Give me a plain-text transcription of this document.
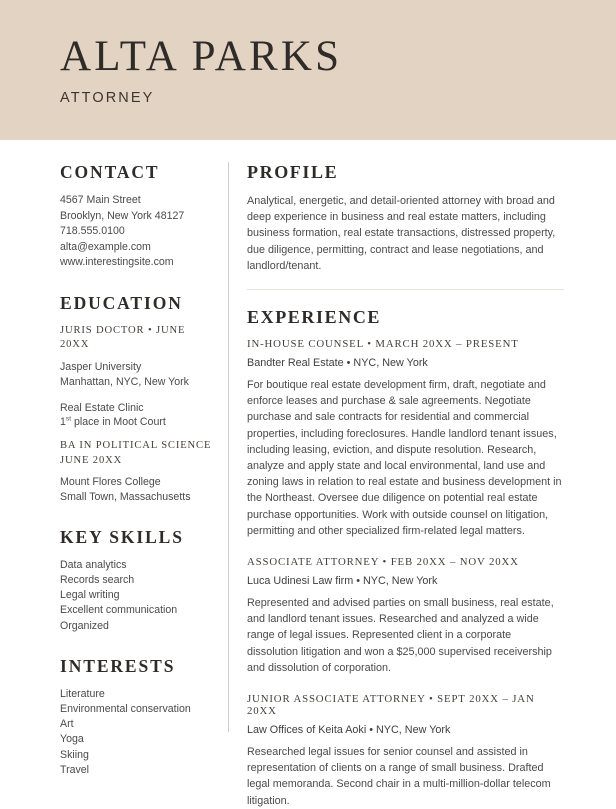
ALTA PARKS
ATTORNEY
CONTACT
4567 Main Street
Brooklyn, New York 48127
718.555.0100
alta@example.com
www.interestingsite.com
EDUCATION
JURIS DOCTOR • JUNE 20XX
Jasper University
Manhattan, NYC, New York
Real Estate Clinic
1st place in Moot Court
BA IN POLITICAL SCIENCE
JUNE 20XX
Mount Flores College
Small Town, Massachusetts
KEY SKILLS
Data analytics
Records search
Legal writing
Excellent communication
Organized
INTERESTS
Literature
Environmental conservation
Art
Yoga
Skiing
Travel
PROFILE

Analytical, energetic, and detail-oriented attorney with broad and deep experience in business and real estate matters, including business formation, real estate transactions, distressed property, due diligence, permitting, contract and lease negotiations, and landlord/tenant.

EXPERIENCE
IN-HOUSE COUNSEL • MARCH 20XX – PRESENT
Bandter Real Estate • NYC, New York

For boutique real estate development firm, draft, negotiate and enforce leases and purchase & sale agreements. Negotiate purchase and sale contracts for residential and commercial properties, including foreclosures. Handle landlord tenant issues, including leasing, eviction, and dispute resolution. Research, analyze and apply state and local environmental, land use and zoning laws in relation to real estate and business development in the Northeast. Oversee due diligence on potential real estate purchase opportunities. Work with outside counsel on litigation, permitting and other specialized firm-related legal matters.

ASSOCIATE ATTORNEY • FEB 20XX – NOV 20XX
Luca Udinesi Law firm • NYC, New York

Represented and advised parties on small business, real estate, and landlord tenant issues. Researched and analyzed a wide range of legal issues. Represented client in a corporate dissolution litigation and won a $25,000 supervised receivership and dissolution of corporation.

JUNIOR ASSOCIATE ATTORNEY • SEPT 20XX – JAN 20XX
Law Offices of Keita Aoki • NYC, New York

Researched legal issues for senior counsel and assisted in representation of clients on a range of small business. Drafted legal memoranda. Second chair in a multi-million-dollar telecom litigation.
